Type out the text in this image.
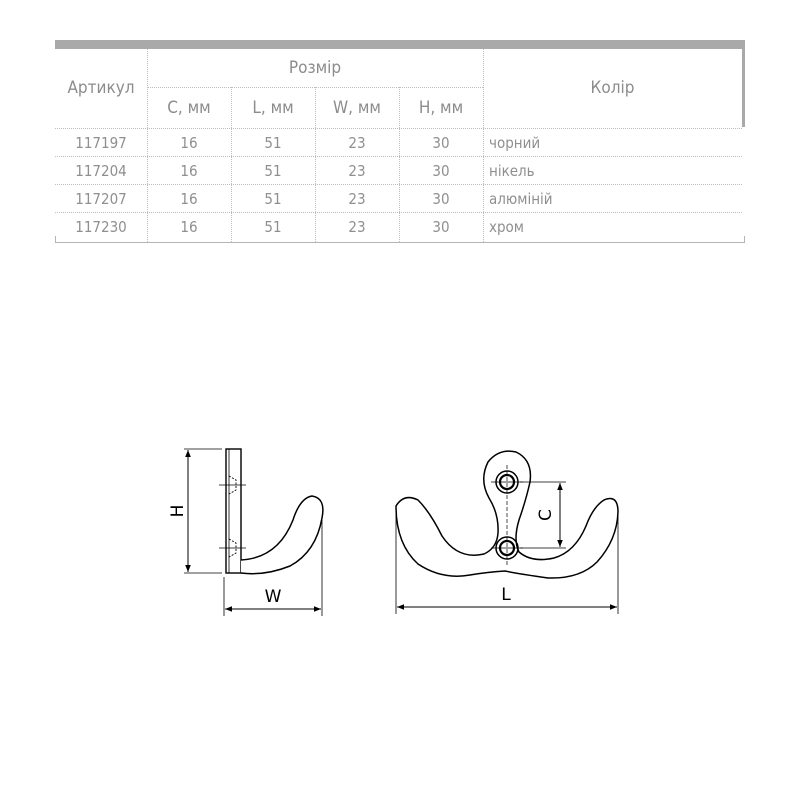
Артикул
Розмір
Колір
C, мм	L, мм	W, мм	H, мм
117197	16	51	23	30	чорний
117204	16	51	23	30	нікель
117207	16	51	23	30	алюміній
117230	16	51	23	30	хром
H
W
C
L
